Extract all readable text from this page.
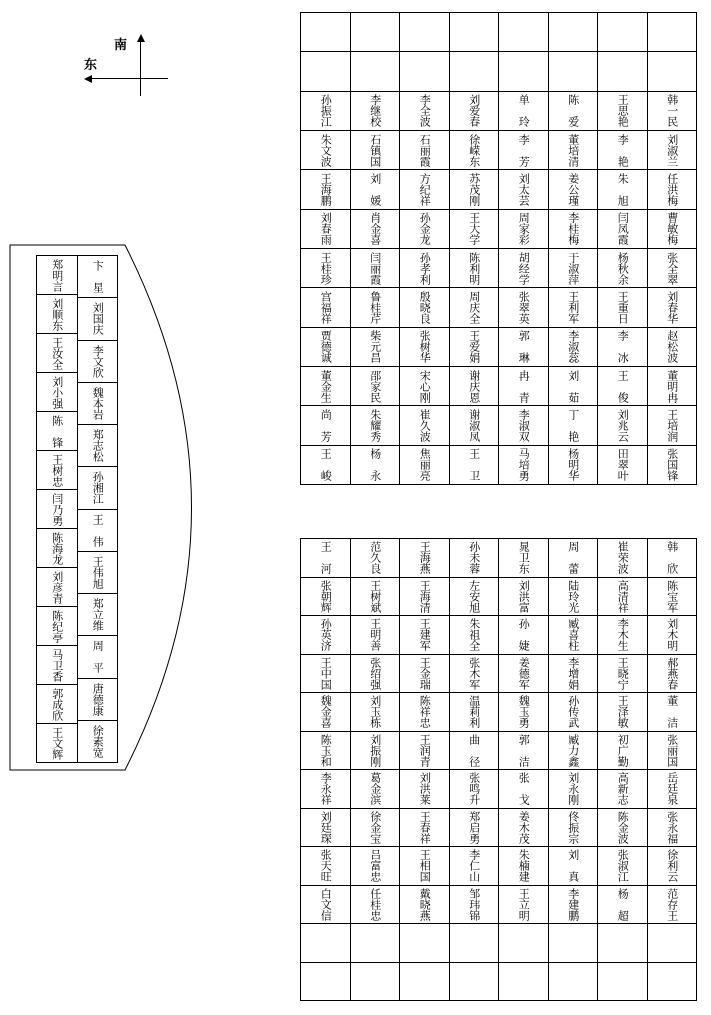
南
东
韩一民
刘淑兰
任洪梅
曹敏梅
张全翠
刘春华
赵松波
董明冉
王培润
张国锋
王思艳
李　艳
朱　旭
闫凤霞
杨秋余
王重日
李　冰
王　俊
刘兆云
田翠叶
陈　爱
董培清
姜公瑾
李桂梅
于淑萍
王利军
李淑蕊
刘　茹
丁　艳
杨明华
单　玲
李　芳
刘太芸
周家彩
胡经学
张翠英
郭　琳
冉　青
李淑双
马培勇
刘爱春
徐嵘东
苏茂刚
王大学
陈利明
周庆全
王爱娟
谢庆恩
谢淑凤
王　卫
李全波
石丽霞
方纪祥
孙金龙
孙孝利
殷晓良
张树华
宋心刚
崔久波
焦丽亮
李继校
石镇国
刘　媛
肖金喜
闫丽霞
鲁桂芹
柴元昌
邵家民
朱耀秀
杨　永
孙振江
朱文波
王海鹏
刘春雨
王桂珍
宫福祥
贾德诚
董金生
尚　芳
王　峻
韩　欣
陈宝军
刘木明
郝燕春
董　洁
张丽国
岳廷泉
张永福
徐利云
范存王
崔荣波
高清祥
李木生
王晓宁
王泽敏
初广勤
高新志
陈金波
张淑江
杨　超
周　蕾
陆玲光
臧喜柱
李增娟
孙传武
臧力鑫
刘永刚
佟振宗
刘　真
李建鹏
晁卫东
刘洪富
孙　婕
姜德军
魏玉勇
郭　洁
张　戈
姜木茂
朱楠建
王立明
孙未蓉
左安旭
朱祖全
张木军
温莉利
曲　径
张鸣升
郑启勇
李仁山
邹玮锦
王海燕
王海清
王建军
王金瑞
陈祥忠
王润青
刘洪莱
王春祥
王相国
戴晓燕
范久良
王树斌
王明善
张绍强
刘玉栋
刘振刚
葛金滨
徐金宝
吕富忠
任桂忠
王　河
张朝辉
孙英济
王中国
魏金喜
陈玉和
李永祥
刘廷琛
张天旺
白文信
卞　星
刘国庆
李文欣
魏本岩
郑志松
孙湘江
王　伟
王伟旭
郑立维
周　平
唐德康
徐素宽
郑明言
刘顺东
王汝全
刘小强
陈　锋
王树忠
闫乃勇
陈海龙
刘彦青
陈纪亭
马卫香
郭成欣
王文辉
